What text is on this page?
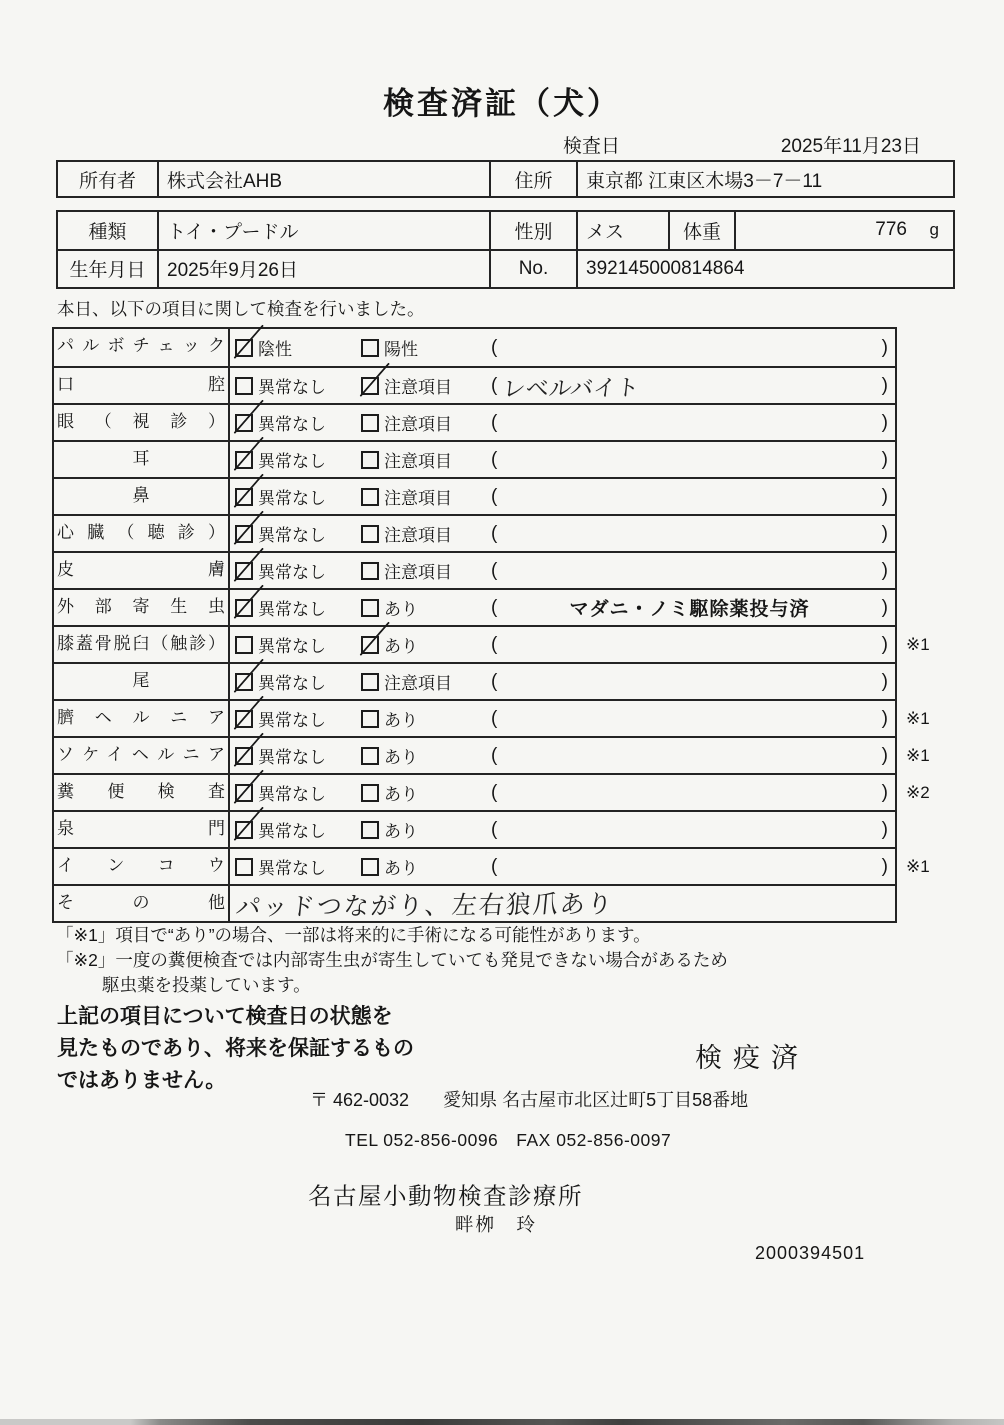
検査済証（犬）
検査日	2025年11月23日
所有者	株式会社AHB	住所	東京都 江東区木場3－7－11
種類	トイ・プードル	性別	メス	体重	776 g
生年月日	2025年9月26日	No.	392145000814864
本日、以下の項目に関して検査を行いました。
パルボチェック 陰性	陽性	(	)
口腔 異常なし	注意項目 ( レベルバイト	)
眼（視診） 異常なし	注意項目 (	)
耳	異常なし	注意項目 (	)
鼻	異常なし	注意項目 (	)
心臓（聴診） 異常なし	注意項目 (	)
皮膚 異常なし	注意項目 (	)
外部寄生虫 異常なし	あり	(	マダニ・ノミ駆除薬投与済	)
膝蓋骨脱臼（触診） 異常なし	あり	(	) ※1
尾	異常なし	注意項目 (	)
臍ヘルニア 異常なし	あり	(	) ※1
ソケイヘルニア 異常なし	あり	(	) ※1
糞便検査 異常なし	あり	(	) ※2
泉門 異常なし	あり	(	)
インコウ 異常なし	あり	(	) ※1
その他 パッドつながり、左右狼爪あり
「※1」項目で“あり”の場合、一部は将来的に手術になる可能性があります。
「※2」一度の糞便検査では内部寄生虫が寄生していても発見できない場合があるため
駆虫薬を投薬しています。
上記の項目について検査日の状態を
見たものであり、将来を保証するもの
ではありません。
検疫済
〒 462-0032 愛知県 名古屋市北区辻町5丁目58番地
TEL 052-856-0096　FAX 052-856-0097
名古屋小動物検査診療所
畔栁　玲
2000394501
